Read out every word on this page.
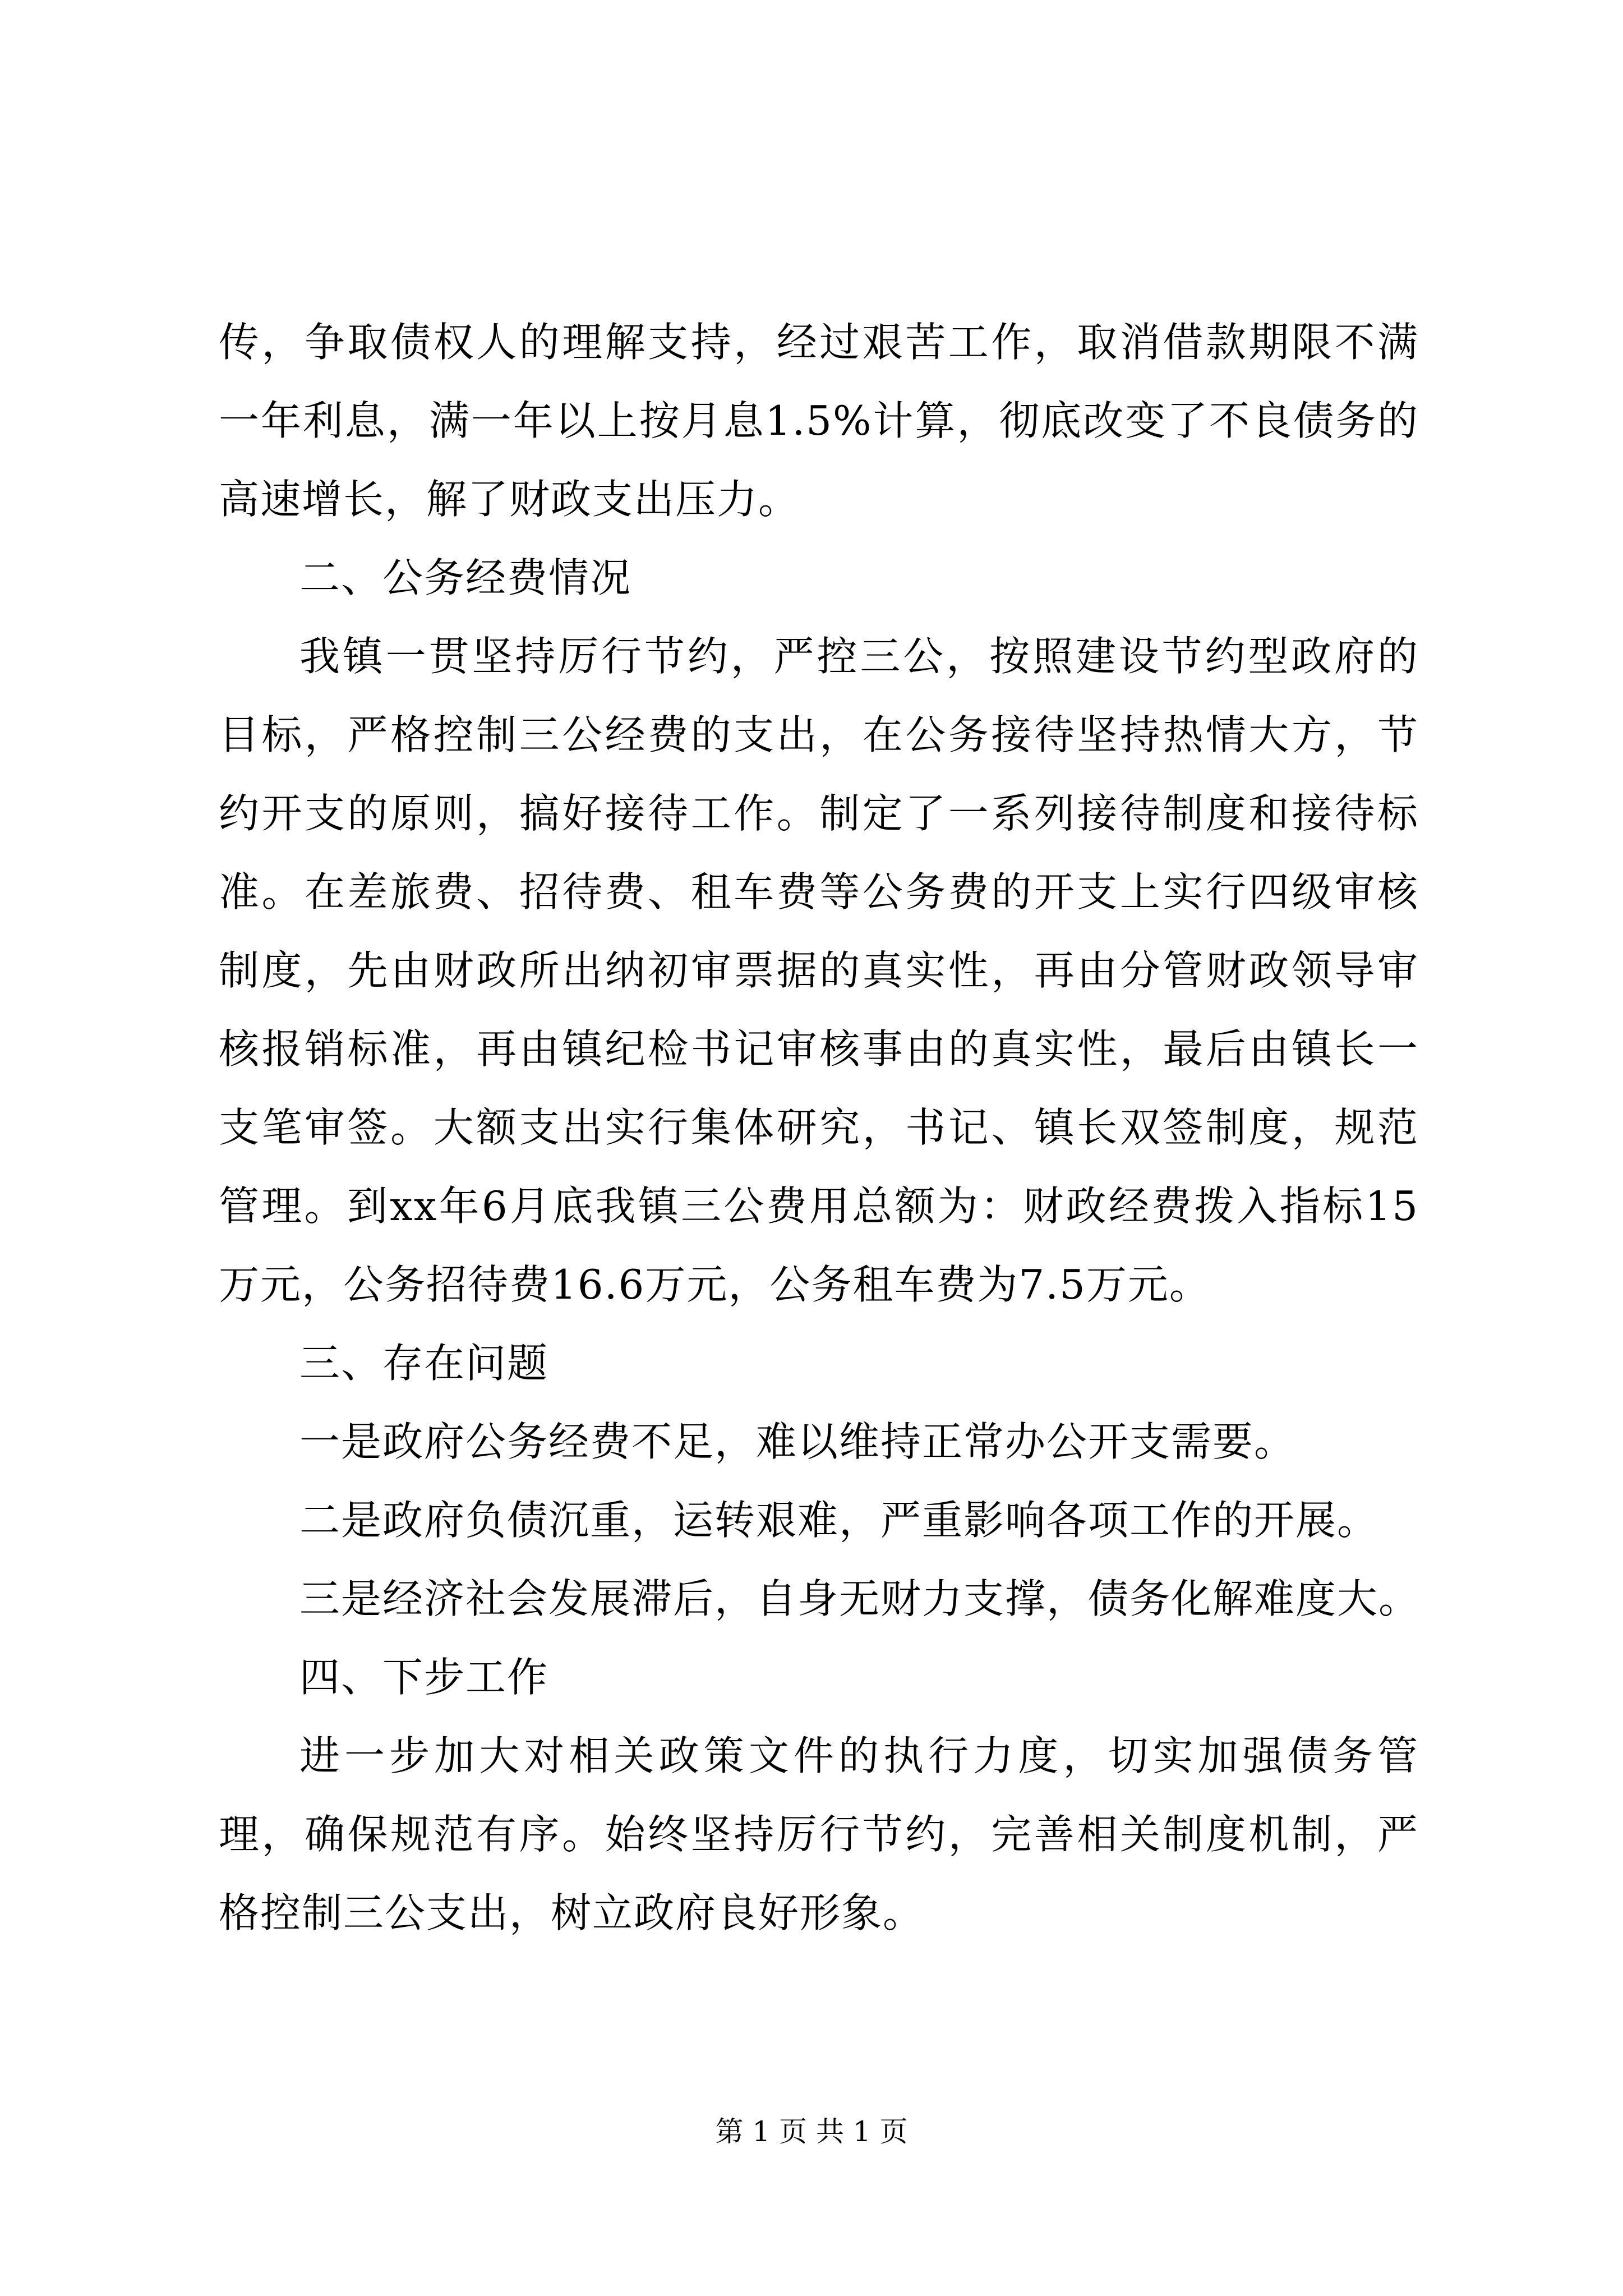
传，争取债权人的理解支持，经过艰苦工作，取消借款期限不满一年利息，满一年以上按月息1.5%计算，彻底改变了不良债务的高速增长，解了财政支出压力。

二、公务经费情况

我镇一贯坚持厉行节约，严控三公，按照建设节约型政府的目标，严格控制三公经费的支出，在公务接待坚持热情大方，节约开支的原则，搞好接待工作。制定了一系列接待制度和接待标准。在差旅费、招待费、租车费等公务费的开支上实行四级审核制度，先由财政所出纳初审票据的真实性，再由分管财政领导审核报销标准，再由镇纪检书记审核事由的真实性，最后由镇长一支笔审签。大额支出实行集体研究，书记、镇长双签制度，规范管理。到xx年6月底我镇三公费用总额为：财政经费拨入指标15万元，公务招待费16.6万元，公务租车费为7.5万元。

三、存在问题

一是政府公务经费不足，难以维持正常办公开支需要。

二是政府负债沉重，运转艰难，严重影响各项工作的开展。

三是经济社会发展滞后，自身无财力支撑，债务化解难度大。

四、下步工作

进一步加大对相关政策文件的执行力度，切实加强债务管理，确保规范有序。始终坚持厉行节约，完善相关制度机制，严格控制三公支出，树立政府良好形象。

第 1 页 共 1 页
